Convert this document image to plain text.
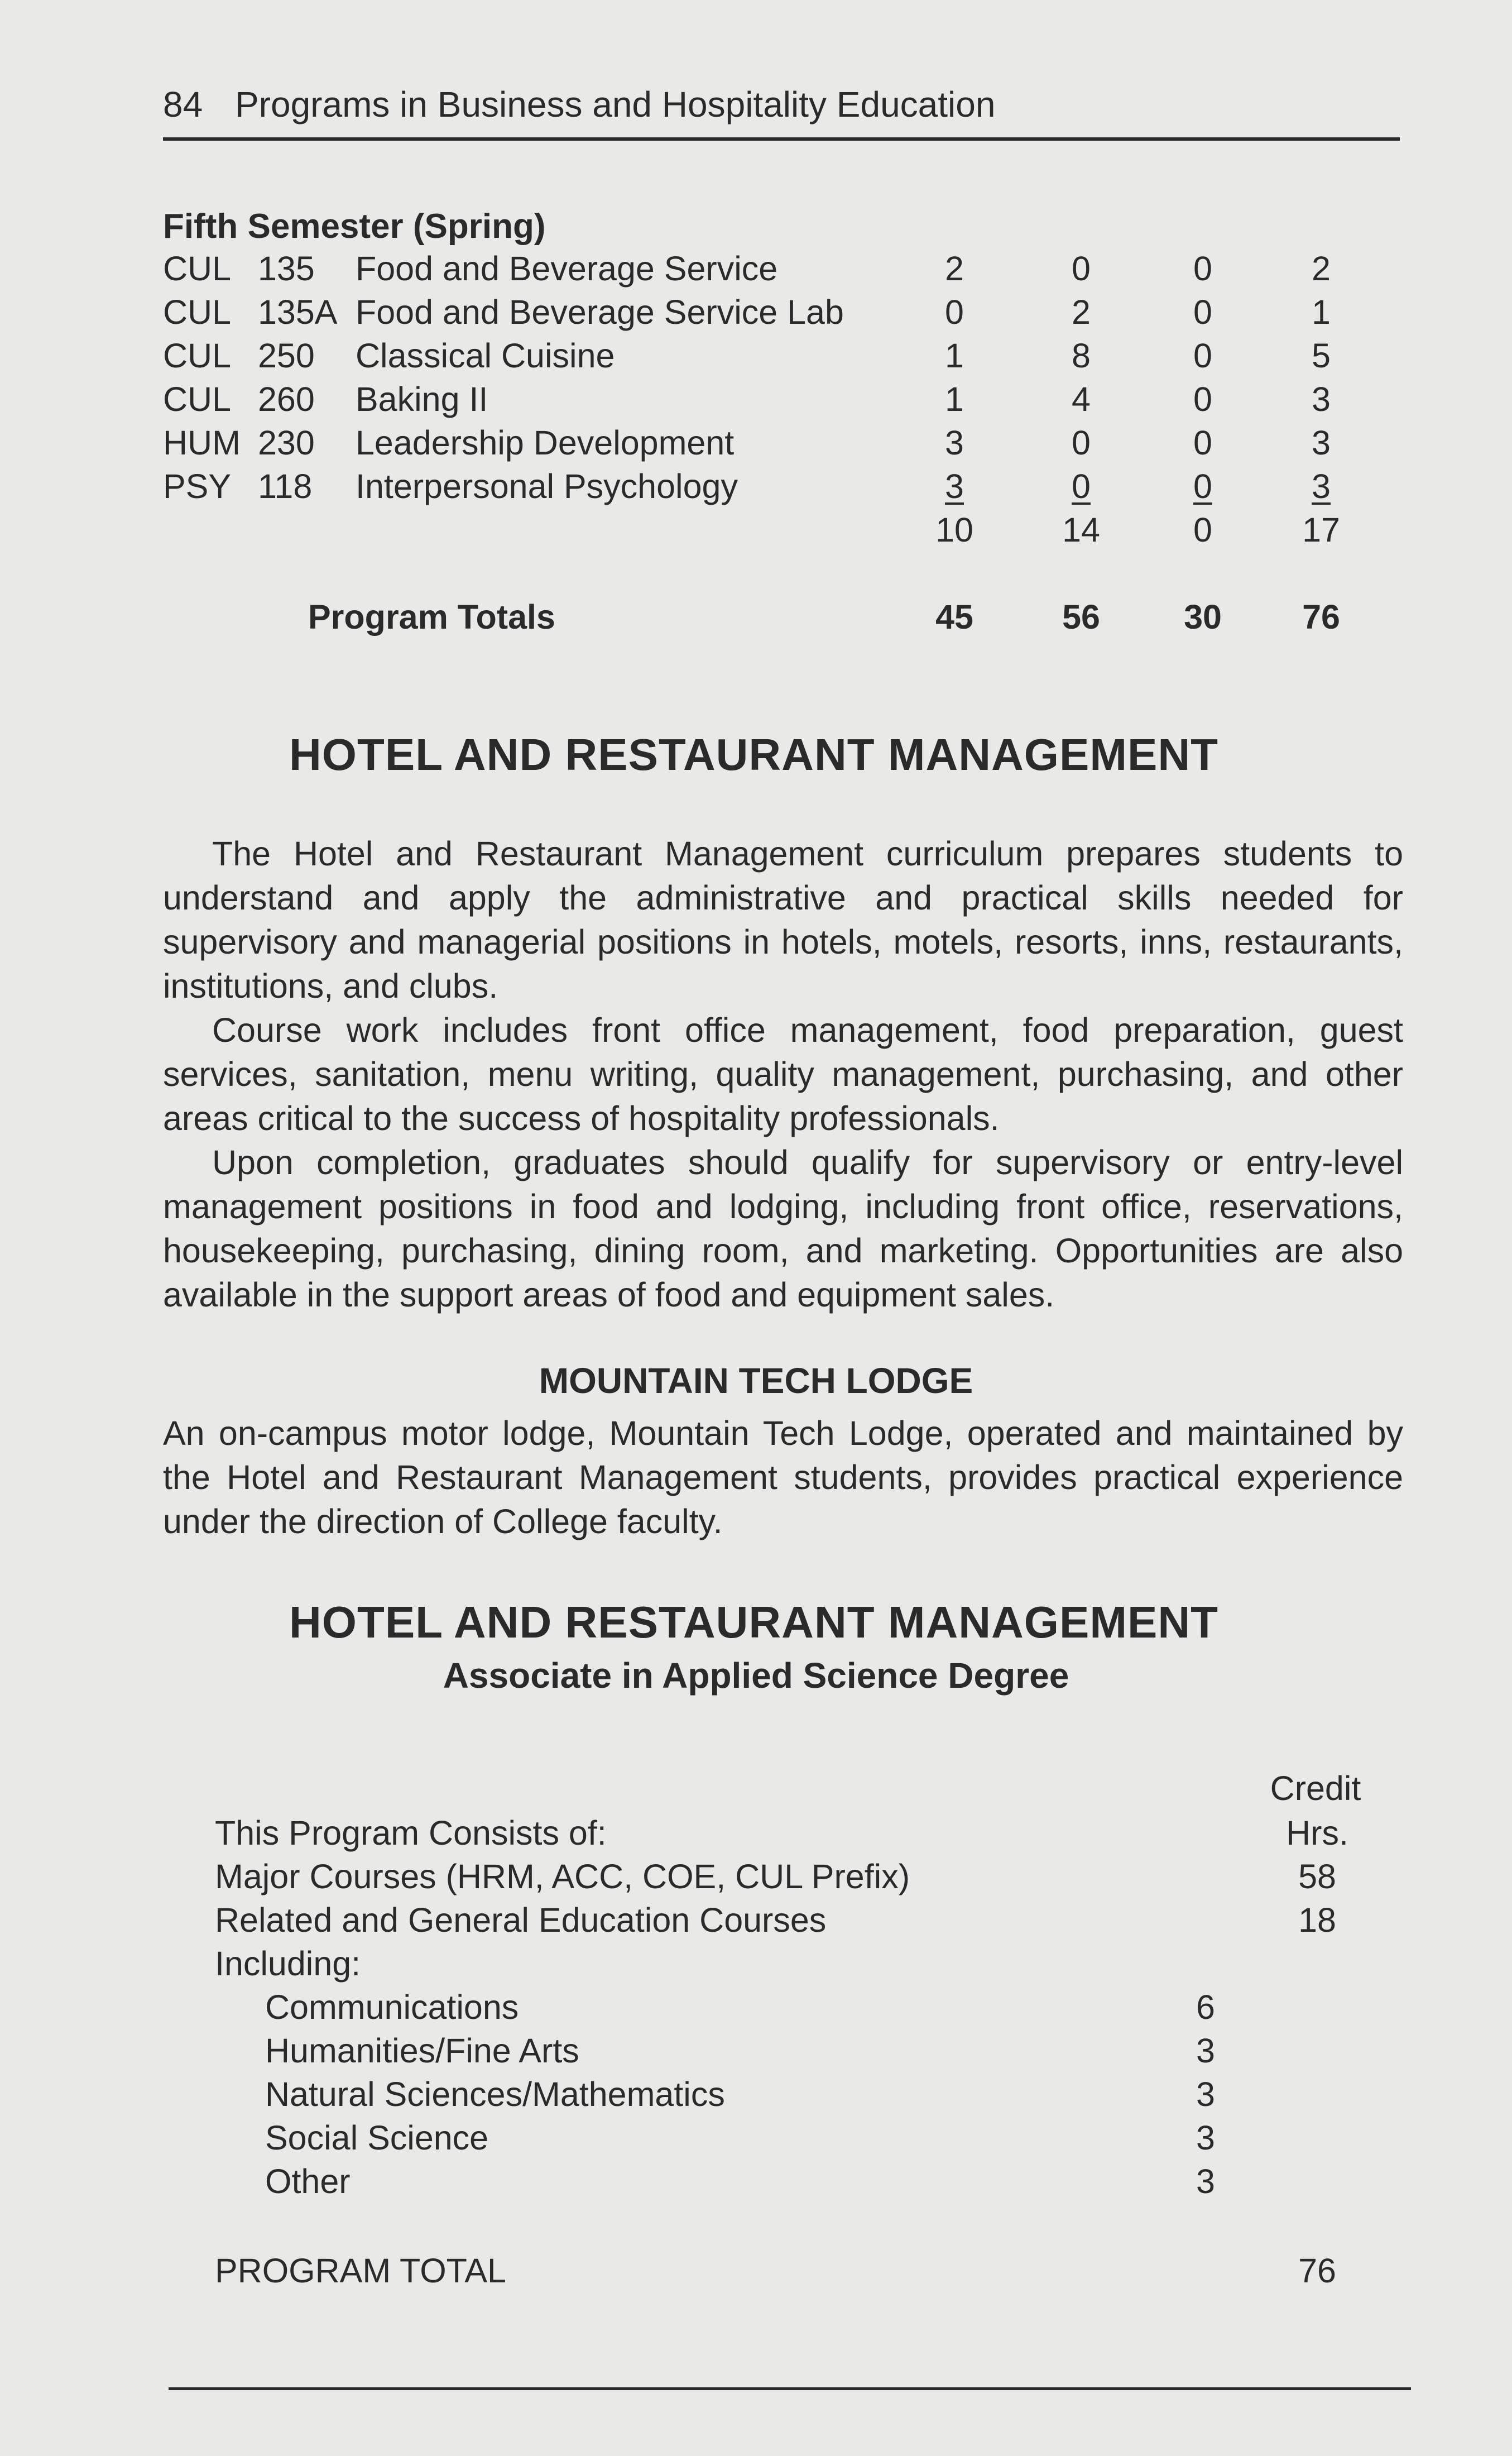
84 Programs in Business and Hospitality Education
Fifth Semester (Spring)
CUL 135 Food and Beverage Service	2	0	0	2
CUL 135A Food and Beverage Service Lab	0	2	0	1
CUL 250 Classical Cuisine	1	8	0	5
CUL 260 Baking II	1	4	0	3
HUM 230 Leadership Development	3	0	0	3
PSY 118 Interpersonal Psychology	3	0	0	3
10	14	0	17
Program Totals	45	56	30	76
HOTEL AND RESTAURANT MANAGEMENT
The Hotel and Restaurant Management curriculum prepares students to understand and apply the administrative and practical skills needed for supervisory and managerial positions in hotels, motels, resorts, inns, restaurants, institutions, and clubs.
Course work includes front office management, food preparation, guest services, sanitation, menu writing, quality management, purchasing, and other areas critical to the success of hospitality professionals.
Upon completion, graduates should qualify for supervisory or entry-level management positions in food and lodging, including front office, reservations, housekeeping, purchasing, dining room, and marketing. Opportunities are also available in the support areas of food and equipment sales.
MOUNTAIN TECH LODGE
An on-campus motor lodge, Mountain Tech Lodge, operated and maintained by the Hotel and Restaurant Management students, provides practical experience under the direction of College faculty.
HOTEL AND RESTAURANT MANAGEMENT
Associate in Applied Science Degree
Credit
This Program Consists of:	Hrs.
Major Courses (HRM, ACC, COE, CUL Prefix)	58
Related and General Education Courses	18
Including:
Communications	6
Humanities/Fine Arts	3
Natural Sciences/Mathematics	3
Social Science	3
Other	3
PROGRAM TOTAL	76
